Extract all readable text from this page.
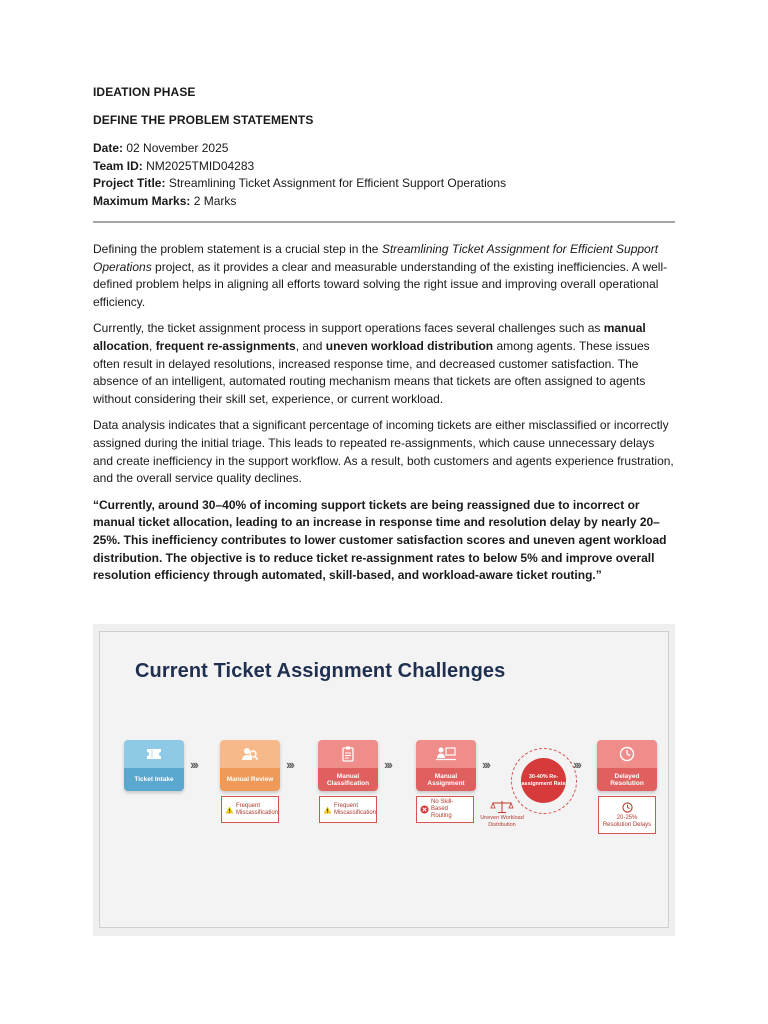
IDEATION PHASE
DEFINE THE PROBLEM STATEMENTS
Date: 02 November 2025
Team ID: NM2025TMID04283
Project Title: Streamlining Ticket Assignment for Efficient Support Operations
Maximum Marks: 2 Marks

Defining the problem statement is a crucial step in the Streamlining Ticket Assignment for Efficient Support Operations project, as it provides a clear and measurable understanding of the existing inefficiencies. A well-defined problem helps in aligning all efforts toward solving the right issue and improving overall operational efficiency.

Currently, the ticket assignment process in support operations faces several challenges such as manual allocation, frequent re-assignments, and uneven workload distribution among agents. These issues often result in delayed resolutions, increased response time, and decreased customer satisfaction. The absence of an intelligent, automated routing mechanism means that tickets are often assigned to agents without considering their skill set, experience, or current workload.

Data analysis indicates that a significant percentage of incoming tickets are either misclassified or incorrectly assigned during the initial triage. This leads to repeated re-assignments, which cause unnecessary delays and create inefficiency in the support workflow. As a result, both customers and agents experience frustration, and the overall service quality declines.

“Currently, around 30–40% of incoming support tickets are being reassigned due to incorrect or manual ticket allocation, leading to an increase in response time and resolution delay by nearly 20–25%. This inefficiency contributes to lower customer satisfaction scores and uneven agent workload distribution. The objective is to reduce ticket re-assignment rates to below 5% and improve overall resolution efficiency through automated, skill-based, and workload-aware ticket routing.”

Current Ticket Assignment Challenges
Ticket Intake
›››
Manual Review
›››
Manual Classification
›››
Manual Assignment
›››
30-40% Re-assignment Rate
›››
Delayed Resolution
Frequent Miscassification
Frequent Miscassification
No Skill-Based Routing	Uneven Workload Distribution
20-25% Resolution Delays
